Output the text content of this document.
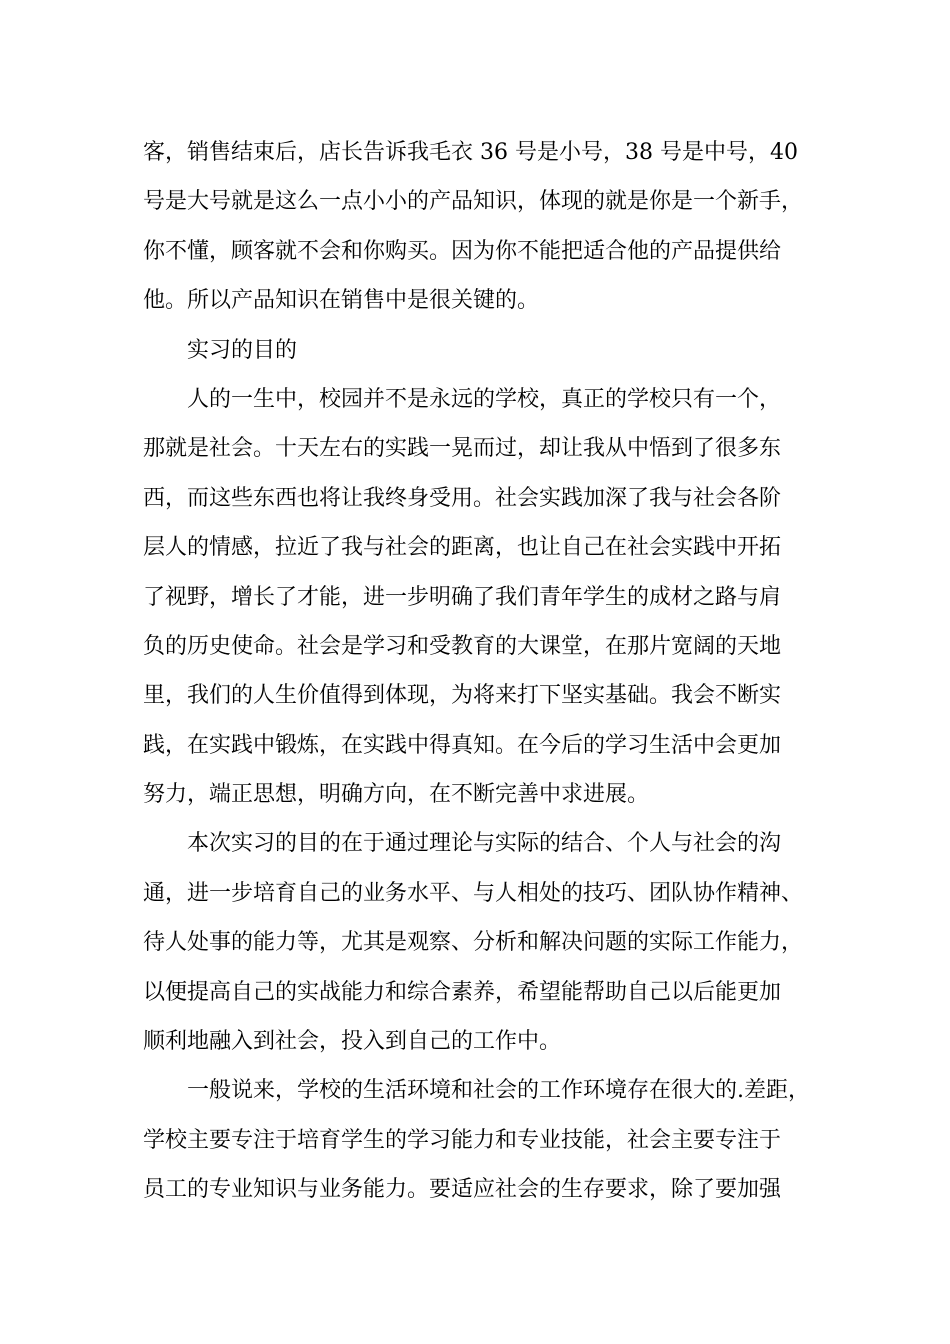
客，销售结束后，店长告诉我毛衣 36 号是小号，38 号是中号，40
号是大号就是这么一点小小的产品知识，体现的就是你是一个新手，
你不懂，顾客就不会和你购买。因为你不能把适合他的产品提供给
他。所以产品知识在销售中是很关键的。
实习的目的
人的一生中，校园并不是永远的学校，真正的学校只有一个，
那就是社会。十天左右的实践一晃而过，却让我从中悟到了很多东
西，而这些东西也将让我终身受用。社会实践加深了我与社会各阶
层人的情感，拉近了我与社会的距离，也让自己在社会实践中开拓
了视野，增长了才能，进一步明确了我们青年学生的成材之路与肩
负的历史使命。社会是学习和受教育的大课堂，在那片宽阔的天地
里，我们的人生价值得到体现，为将来打下坚实基础。我会不断实
践，在实践中锻炼，在实践中得真知。在今后的学习生活中会更加
努力，端正思想，明确方向，在不断完善中求进展。
本次实习的目的在于通过理论与实际的结合、个人与社会的沟
通，进一步培育自己的业务水平、与人相处的技巧、团队协作精神、
待人处事的能力等，尤其是观察、分析和解决问题的实际工作能力，
以便提高自己的实战能力和综合素养，希望能帮助自己以后能更加
顺利地融入到社会，投入到自己的工作中。
一般说来，学校的生活环境和社会的工作环境存在很大的.差距，
学校主要专注于培育学生的学习能力和专业技能，社会主要专注于
员工的专业知识与业务能力。要适应社会的生存要求，除了要加强
